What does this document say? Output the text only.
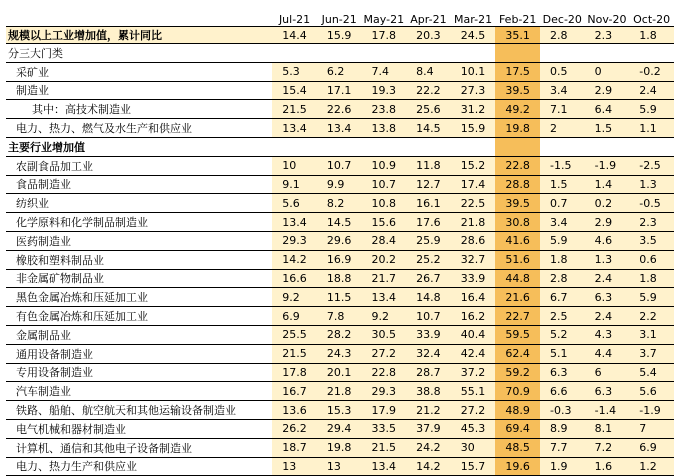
	Jul-21	Jun-21	May-21	Apr-21	Mar-21	Feb-21	Dec-20	Nov-20	Oct-20
规模以上工业增加值，累计同比	14.4	15.9	17.8	20.3	24.5	35.1	2.8	2.3	1.8
分三大门类									
采矿业	5.3	6.2	7.4	8.4	10.1	17.5	0.5	0	-0.2
制造业	15.4	17.1	19.3	22.2	27.3	39.5	3.4	2.9	2.4
其中：高技术制造业	21.5	22.6	23.8	25.6	31.2	49.2	7.1	6.4	5.9
电力、热力、燃气及水生产和供应业	13.4	13.4	13.8	14.5	15.9	19.8	2	1.5	1.1
主要行业增加值									
农副食品加工业	10	10.7	10.9	11.8	15.2	22.8	-1.5	-1.9	-2.5
食品制造业	9.1	9.9	10.7	12.7	17.4	28.8	1.5	1.4	1.3
纺织业	5.6	8.2	10.8	16.1	22.5	39.5	0.7	0.2	-0.5
化学原料和化学制品制造业	13.4	14.5	15.6	17.6	21.8	30.8	3.4	2.9	2.3
医药制造业	29.3	29.6	28.4	25.9	28.6	41.6	5.9	4.6	3.5
橡胶和塑料制品业	14.2	16.9	20.2	25.2	32.7	51.6	1.8	1.3	0.6
非金属矿物制品业	16.6	18.8	21.7	26.7	33.9	44.8	2.8	2.4	1.8
黑色金属冶炼和压延加工业	9.2	11.5	13.4	14.8	16.4	21.6	6.7	6.3	5.9
有色金属冶炼和压延加工业	6.9	7.8	9.2	10.7	16.2	22.7	2.5	2.4	2.2
金属制品业	25.5	28.2	30.5	33.9	40.4	59.5	5.2	4.3	3.1
通用设备制造业	21.5	24.3	27.2	32.4	42.4	62.4	5.1	4.4	3.7
专用设备制造业	17.8	20.1	22.8	28.7	37.2	59.2	6.3	6	5.4
汽车制造业	16.7	21.8	29.3	38.8	55.1	70.9	6.6	6.3	5.6
铁路、船舶、航空航天和其他运输设备制造业	13.6	15.3	17.9	21.2	27.2	48.9	-0.3	-1.4	-1.9
电气机械和器材制造业	26.2	29.4	33.5	37.9	45.3	69.4	8.9	8.1	7
计算机、通信和其他电子设备制造业	18.7	19.8	21.5	24.2	30	48.5	7.7	7.2	6.9
电力、热力生产和供应业	13	13	13.4	14.2	15.7	19.6	1.9	1.6	1.2
